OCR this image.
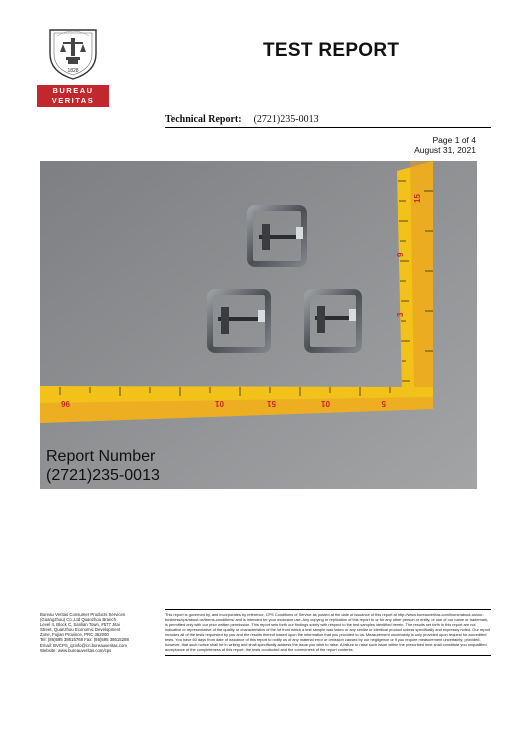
1828
BUREAU
VERITAS
TEST REPORT
Technical Report: (2721)235-0013
Page 1 of 4
August 31, 2021
9
3
15
96	01	51	01	5
Report Number
(2721)235-0013
Bureau Veritas Consumer Products Services
(Guangzhou) Co.,Ltd Quanzhou Branch
Level 4, Block C, Sanlian Town, #577 Jitai
Street, Quanzhou Economic Development
Zone, Fujian Province, PRC 362000
Tel: (86)595 38615768 Fax: (86)595 38615288
Email: BVCPS_qzinfo@cn.bureauveritas.com
Website: www.bureauveritas.com/cps
This report is governed by, and incorporates by reference, CPS Conditions of Service as posted at the date of issuance of this report at http://www.bureauveritas.com/home/about-us/our-business/cps/about-us/terms-conditions/ and is intended for your exclusive use. Any copying or replication of this report to or for any other person or entity, or use of our name or trademark, is permitted only with our prior written permission. This report sets forth our findings solely with respect to the test samples identified herein. The results set forth in this report are not indicative or representative of the quality or characteristics of the lot from which a test sample was taken or any similar or identical product unless specifically and expressly noted. Our report includes all of the tests requested by you and the results thereof based upon the information that you provided to us. Measurement uncertainty is only provided upon request for accredited tests. You have 60 days from date of issuance of this report to notify us of any material error or omission caused by our negligence or if you require measurement uncertainty; provided, however, that such notice shall be in writing and shall specifically address the issue you wish to raise. A failure to raise such issue within the prescribed time shall constitute you unqualified acceptance of the completeness of this report, the tests conducted and the correctness of the report contents.
